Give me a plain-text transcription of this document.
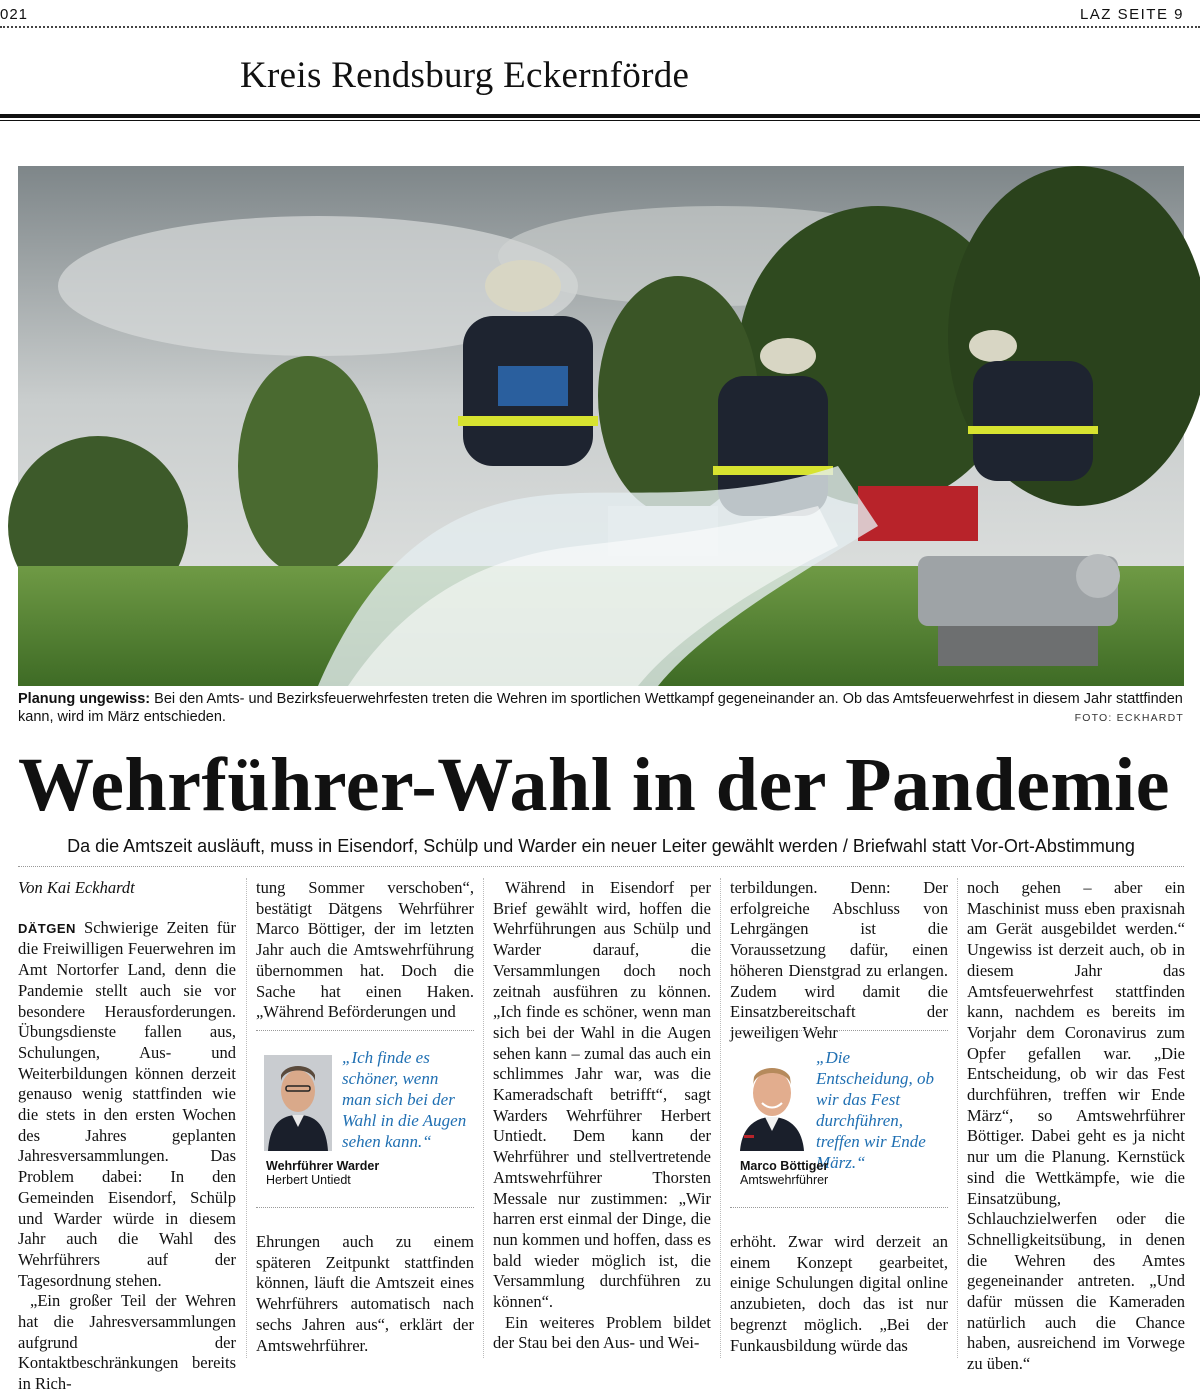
021	LAZ SEITE 9
Kreis Rendsburg Eckernförde
Planung ungewiss: Bei den Amts- und Bezirksfeuerwehrfesten treten die Wehren im sportlichen Wettkampf gegeneinander an. Ob das Amtsfeuerwehrfest in diesem Jahr stattfinden kann, wird im März entschieden.	FOTO: ECKHARDT
Wehrführer-Wahl in der Pandemie
Da die Amtszeit ausläuft, muss in Eisendorf, Schülp und Warder ein neuer Leiter gewählt werden / Briefwahl statt Vor-Ort-Abstimmung

Von Kai Eckhardt

DÄTGEN Schwierige Zeiten für die Freiwilligen Feuerwehren im Amt Nortorfer Land, denn die Pandemie stellt auch sie vor besondere Herausforderungen. Übungsdienste fallen aus, Schulungen, Aus- und Weiterbildungen können derzeit genauso wenig stattfinden wie die stets in den ersten Wochen des Jahres geplanten Jahresversammlungen. Das Problem dabei: In den Gemeinden Eisendorf, Schülp und Warder würde in diesem Jahr auch die Wahl des Wehrführers auf der Tagesordnung stehen.

„Ein großer Teil der Wehren hat die Jahresversammlungen aufgrund der Kontaktbeschränkungen bereits in Rich-

tung Sommer verschoben“, bestätigt Dätgens Wehrführer Marco Böttiger, der im letzten Jahr auch die Amtswehrführung übernommen hat. Doch die Sache hat einen Haken. „Während Beförderungen und

„Ich finde es schöner, wenn man sich bei der Wahl in die Augen sehen kann.“
Wehrführer Warder
Herbert Untiedt

Ehrungen auch zu einem späteren Zeitpunkt stattfinden können, läuft die Amtszeit eines Wehrführers automatisch nach sechs Jahren aus“, erklärt der Amtswehrführer.

Während in Eisendorf per Brief gewählt wird, hoffen die Wehrführungen aus Schülp und Warder darauf, die Versammlungen doch noch zeitnah ausführen zu können. „Ich finde es schöner, wenn man sich bei der Wahl in die Augen sehen kann – zumal das auch ein schlimmes Jahr war, was die Kameradschaft betrifft“, sagt Warders Wehrführer Herbert Untiedt. Dem kann der Wehrführer und stellvertretende Amtswehrführer Thorsten Messale nur zustimmen: „Wir harren erst einmal der Dinge, die nun kommen und hoffen, dass es bald wieder möglich ist, die Versammlung durchführen zu können“.

Ein weiteres Problem bildet der Stau bei den Aus- und Wei-

terbildungen. Denn: Der erfolgreiche Abschluss von Lehrgängen ist die Voraussetzung dafür, einen höheren Dienstgrad zu erlangen. Zudem wird damit die Einsatzbereitschaft der jeweiligen Wehr

„Die Entscheidung, ob wir das Fest durchführen, treffen wir Ende März.“
Marco Böttiger
Amtswehrführer

erhöht. Zwar wird derzeit an einem Konzept gearbeitet, einige Schulungen digital online anzubieten, doch das ist nur begrenzt möglich. „Bei der Funkausbildung würde das

noch gehen – aber ein Maschinist muss eben praxisnah am Gerät ausgebildet werden.“ Ungewiss ist derzeit auch, ob in diesem Jahr das Amtsfeuerwehrfest stattfinden kann, nachdem es bereits im Vorjahr dem Coronavirus zum Opfer gefallen war. „Die Entscheidung, ob wir das Fest durchführen, treffen wir Ende März“, so Amtswehrführer Böttiger. Dabei geht es ja nicht nur um die Planung. Kernstück sind die Wettkämpfe, wie die Einsatzübung, Schlauchzielwerfen oder die Schnelligkeitsübung, in denen die Wehren des Amtes gegeneinander antreten. „Und dafür müssen die Kameraden natürlich auch die Chance haben, ausreichend im Vorwege zu üben.“
